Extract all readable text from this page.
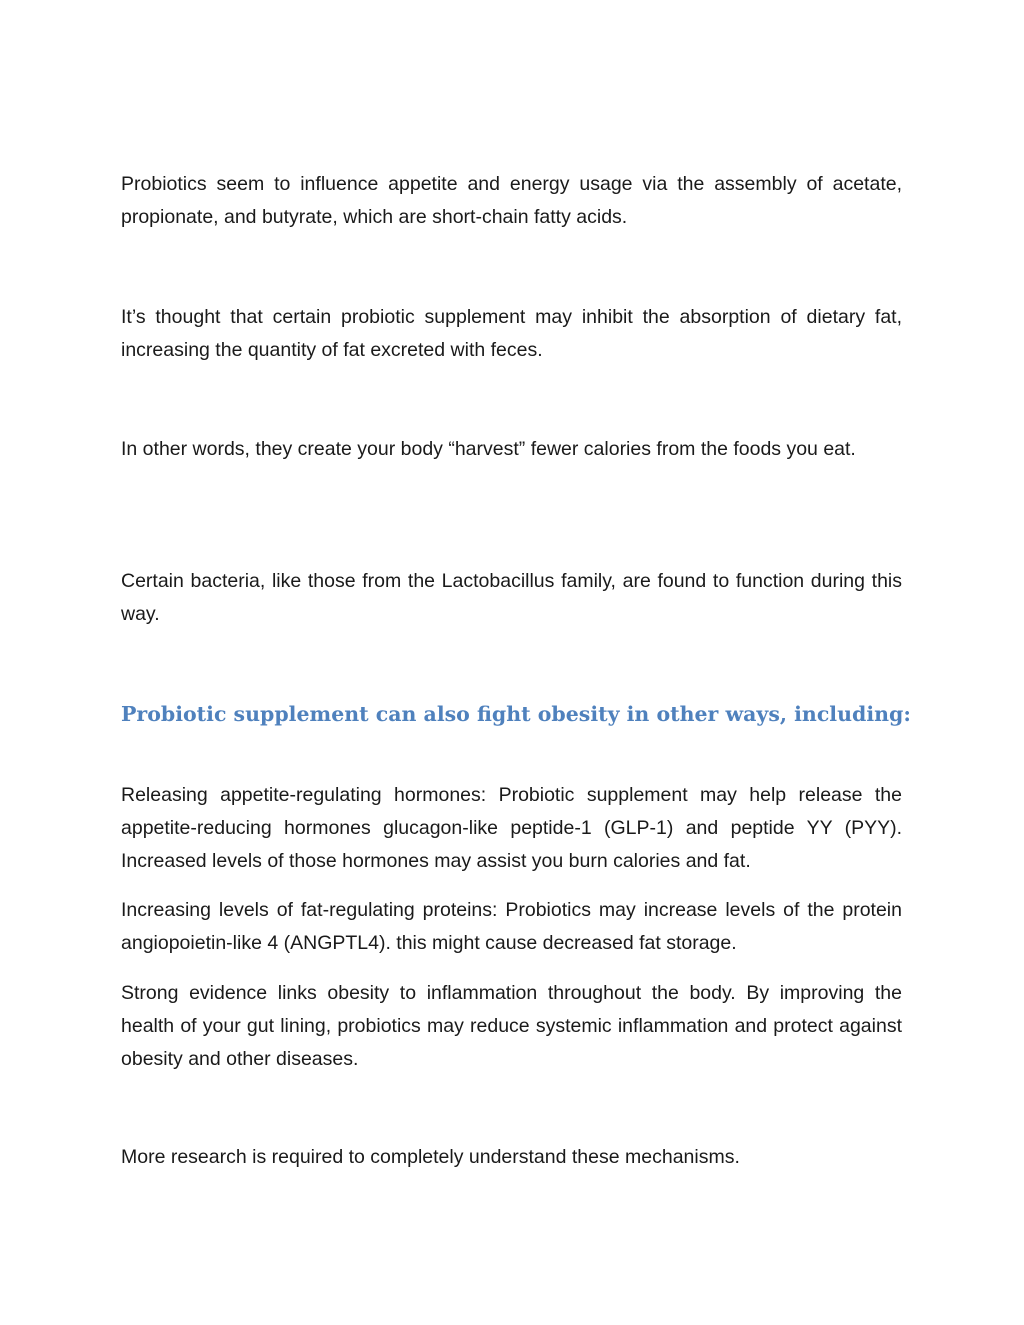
Probiotics seem to influence appetite and energy usage via the assembly of acetate, propionate, and butyrate, which are short-chain fatty acids.

It’s thought that certain probiotic supplement may inhibit the absorption of dietary fat, increasing the quantity of fat excreted with feces.

In other words, they create your body “harvest” fewer calories from the foods you eat.

Certain bacteria, like those from the Lactobacillus family, are found to function during this way.

Probiotic supplement can also fight obesity in other ways, including:

Releasing appetite-regulating hormones: Probiotic supplement may help release the appetite-reducing hormones glucagon-like peptide-1 (GLP-1) and peptide YY (PYY). Increased levels of those hormones may assist you burn calories and fat.

Increasing levels of fat-regulating proteins: Probiotics may increase levels of the protein angiopoietin-like 4 (ANGPTL4). this might cause decreased fat storage.

Strong evidence links obesity to inflammation throughout the body. By improving the health of your gut lining, probiotics may reduce systemic inflammation and protect against obesity and other diseases.

More research is required to completely understand these mechanisms.
